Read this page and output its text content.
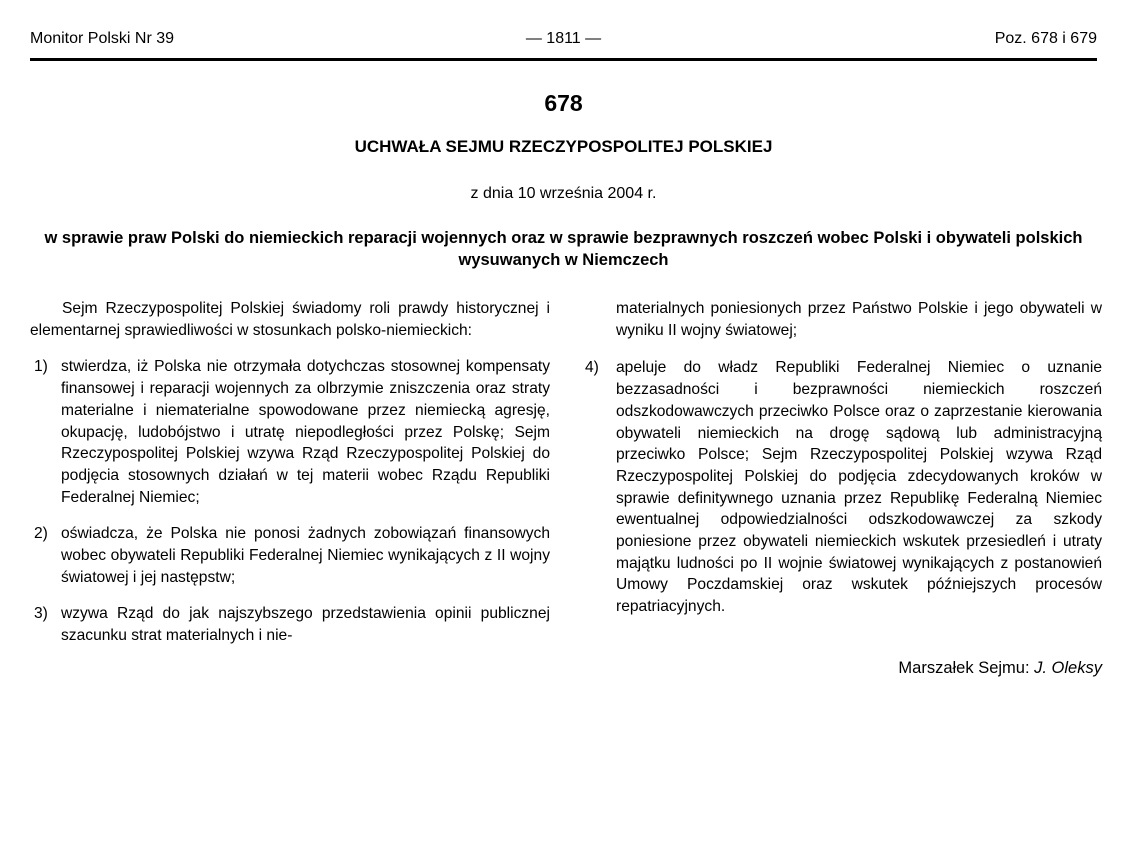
Monitor Polski Nr 39	— 1811 —	Poz. 678 i 679
678
UCHWAŁA SEJMU RZECZYPOSPOLITEJ POLSKIEJ
z dnia 10 września 2004 r.
w sprawie praw Polski do niemieckich reparacji wojennych oraz w sprawie bezprawnych roszczeń wobec Polski i obywateli polskich wysuwanych w Niemczech

Sejm Rzeczypospolitej Polskiej świadomy roli prawdy historycznej i elementarnej sprawiedliwości w stosunkach polsko-niemieckich:

1) stwierdza, iż Polska nie otrzymała dotychczas stosownej kompensaty finansowej i reparacji wojennych za olbrzymie zniszczenia oraz straty materialne i niematerialne spowodowane przez niemiecką agresję, okupację, ludobójstwo i utratę niepodległości przez Polskę; Sejm Rzeczypospolitej Polskiej wzywa Rząd Rzeczypospolitej Polskiej do podjęcia stosownych działań w tej materii wobec Rządu Republiki Federalnej Niemiec;
2) oświadcza, że Polska nie ponosi żadnych zobowiązań finansowych wobec obywateli Republiki Federalnej Niemiec wynikających z II wojny światowej i jej następstw;
3) wzywa Rząd do jak najszybszego przedstawienia opinii publicznej szacunku strat materialnych i nie-

materialnych poniesionych przez Państwo Polskie i jego obywateli w wyniku II wojny światowej;

4) apeluje do władz Republiki Federalnej Niemiec o uznanie bezzasadności i bezprawności niemieckich roszczeń odszkodowawczych przeciwko Polsce oraz o zaprzestanie kierowania obywateli niemieckich na drogę sądową lub administracyjną przeciwko Polsce; Sejm Rzeczypospolitej Polskiej wzywa Rząd Rzeczypospolitej Polskiej do podjęcia zdecydowanych kroków w sprawie definitywnego uznania przez Republikę Federalną Niemiec ewentualnej odpowiedzialności odszkodowawczej za szkody poniesione przez obywateli niemieckich wskutek przesiedleń i utraty majątku ludności po II wojnie światowej wynikających z postanowień Umowy Poczdamskiej oraz wskutek późniejszych procesów repatriacyjnych.
Marszałek Sejmu: J. Oleksy
